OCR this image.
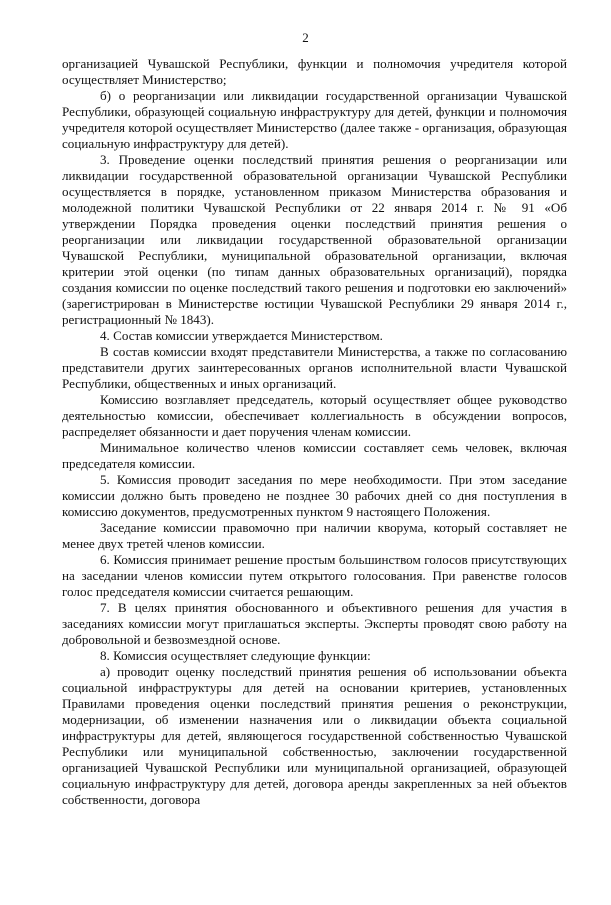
2

организацией Чувашской Республики, функции и полномочия учредителя которой осуществляет Министерство;

б) о реорганизации или ликвидации государственной организации Чувашской Республики, образующей социальную инфраструктуру для детей, функции и полномочия учредителя которой осуществляет Министерство (далее также - организация, образующая социальную инфраструктуру для детей).

3. Проведение оценки последствий принятия решения о реорганизации или ликвидации государственной образовательной организации Чувашской Республики осуществляется в порядке, установленном приказом Министерства образования и молодежной политики Чувашской Республики от 22 января 2014 г. № 91 «Об утверждении Порядка проведения оценки последствий принятия решения о реорганизации или ликвидации государственной образовательной организации Чувашской Республики, муниципальной образовательной организации, включая критерии этой оценки (по типам данных образовательных организаций), порядка создания комиссии по оценке последствий такого решения и подготовки ею заключений» (зарегистрирован в Министерстве юстиции Чувашской Республики 29 января 2014 г., регистрационный № 1843).

4. Состав комиссии утверждается Министерством.

В состав комиссии входят представители Министерства, а также по согласованию представители других заинтересованных органов исполнительной власти Чувашской Республики, общественных и иных организаций.

Комиссию возглавляет председатель, который осуществляет общее руководство деятельностью комиссии, обеспечивает коллегиальность в обсуждении вопросов, распределяет обязанности и дает поручения членам комиссии.

Минимальное количество членов комиссии составляет семь человек, включая председателя комиссии.

5. Комиссия проводит заседания по мере необходимости. При этом заседание комиссии должно быть проведено не позднее 30 рабочих дней со дня поступления в комиссию документов, предусмотренных пунктом 9 настоящего Положения.

Заседание комиссии правомочно при наличии кворума, который составляет не менее двух третей членов комиссии.

6. Комиссия принимает решение простым большинством голосов присутствующих на заседании членов комиссии путем открытого голосования. При равенстве голосов голос председателя комиссии считается решающим.

7. В целях принятия обоснованного и объективного решения для участия в заседаниях комиссии могут приглашаться эксперты. Эксперты проводят свою работу на добровольной и безвозмездной основе.

8. Комиссия осуществляет следующие функции:

а) проводит оценку последствий принятия решения об использовании объекта социальной инфраструктуры для детей на основании критериев, установленных Правилами проведения оценки последствий принятия решения о реконструкции, модернизации, об изменении назначения или о ликвидации объекта социальной инфраструктуры для детей, являющегося государственной собственностью Чувашской Республики или муниципальной собственностью, заключении государственной организацией Чувашской Республики или муниципальной организацией, образующей социальную инфраструктуру для детей, договора аренды закрепленных за ней объектов собственности, договора
